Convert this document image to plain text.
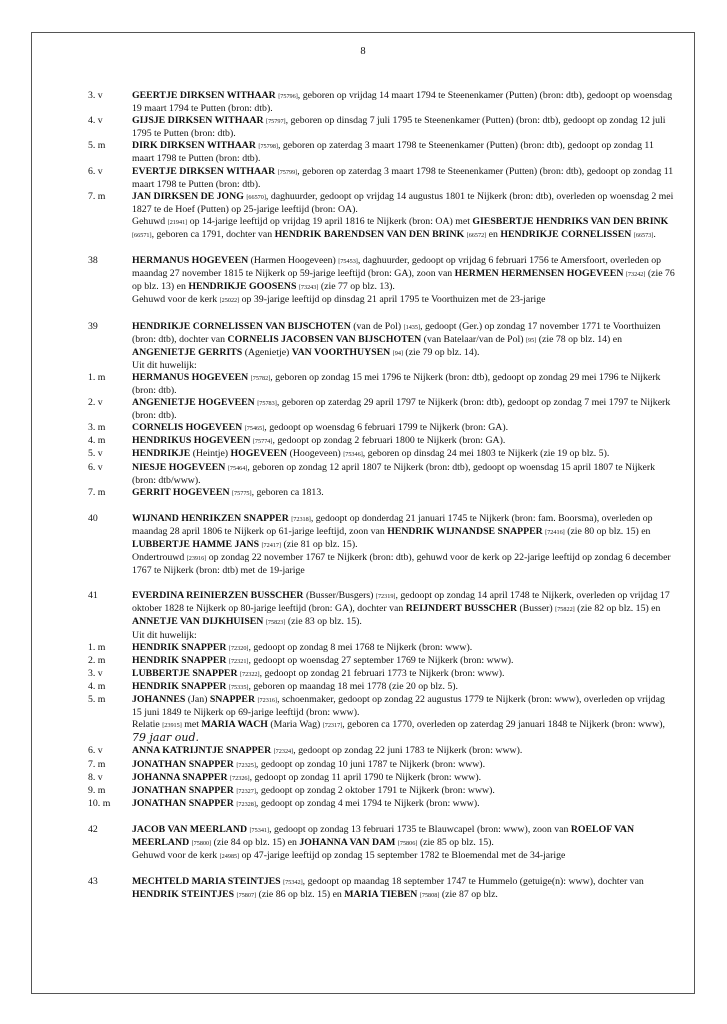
8
3. v	GEERTJE DIRKSEN WITHAAR [75796], geboren op vrijdag 14 maart 1794 te Steenenkamer (Putten) (bron: dtb), gedoopt op woensdag 19 maart 1794 te Putten (bron: dtb).
4. v	GIJSJE DIRKSEN WITHAAR [75797], geboren op dinsdag 7 juli 1795 te Steenenkamer (Putten) (bron: dtb), gedoopt op zondag 12 juli 1795 te Putten (bron: dtb).
5. m	DIRK DIRKSEN WITHAAR [75798], geboren op zaterdag 3 maart 1798 te Steenenkamer (Putten) (bron: dtb), gedoopt op zondag 11 maart 1798 te Putten (bron: dtb).
6. v	EVERTJE DIRKSEN WITHAAR [75799], geboren op zaterdag 3 maart 1798 te Steenenkamer (Putten) (bron: dtb), gedoopt op zondag 11 maart 1798 te Putten (bron: dtb).
7. m	JAN DIRKSEN DE JONG [66570], daghuurder, gedoopt op vrijdag 14 augustus 1801 te Nijkerk (bron: dtb), overleden op woensdag 2 mei 1827 te de Hoef (Putten) op 25-jarige leeftijd (bron: OA).
Gehuwd [21941] op 14-jarige leeftijd op vrijdag 19 april 1816 te Nijkerk (bron: OA) met GIESBERTJE HENDRIKS VAN DEN BRINK [66571], geboren ca 1791, dochter van HENDRIK BARENDSEN VAN DEN BRINK [66572] en HENDRIKJE CORNELISSEN [66573].
38	HERMANUS HOGEVEEN (Harmen Hoogeveen) [75453], daghuurder, gedoopt op vrijdag 6 februari 1756 te Amersfoort, overleden op maandag 27 november 1815 te Nijkerk op 59-jarige leeftijd (bron: GA), zoon van HERMEN HERMENSEN HOGEVEEN [73242] (zie 76 op blz. 13) en HENDRIKJE GOOSENS [73243] (zie 77 op blz. 13).
Gehuwd voor de kerk [25022] op 39-jarige leeftijd op dinsdag 21 april 1795 te Voorthuizen met de 23-jarige
39	HENDRIKJE CORNELISSEN VAN BIJSCHOTEN (van de Pol) [1435], gedoopt (Ger.) op zondag 17 november 1771 te Voorthuizen (bron: dtb), dochter van CORNELIS JACOBSEN VAN BIJSCHOTEN (van Batelaar/van de Pol) [95] (zie 78 op blz. 14) en ANGENIETJE GERRITS (Agenietje) VAN VOORTHUYSEN [94] (zie 79 op blz. 14).
Uit dit huwelijk:
1. m	HERMANUS HOGEVEEN [75782], geboren op zondag 15 mei 1796 te Nijkerk (bron: dtb), gedoopt op zondag 29 mei 1796 te Nijkerk (bron: dtb).
2. v	ANGENIETJE HOGEVEEN [75783], geboren op zaterdag 29 april 1797 te Nijkerk (bron: dtb), gedoopt op zondag 7 mei 1797 te Nijkerk (bron: dtb).
3. m	CORNELIS HOGEVEEN [75465], gedoopt op woensdag 6 februari 1799 te Nijkerk (bron: GA).
4. m	HENDRIKUS HOGEVEEN [75774], gedoopt op zondag 2 februari 1800 te Nijkerk (bron: GA).
5. v	HENDRIKJE (Heintje) HOGEVEEN (Hoogeveen) [75346], geboren op dinsdag 24 mei 1803 te Nijkerk (zie 19 op blz. 5).
6. v	NIESJE HOGEVEEN [75464], geboren op zondag 12 april 1807 te Nijkerk (bron: dtb), gedoopt op woensdag 15 april 1807 te Nijkerk (bron: dtb/www).
7. m	GERRIT HOGEVEEN [75775], geboren ca 1813.
40	WIJNAND HENRIKZEN SNAPPER [72318], gedoopt op donderdag 21 januari 1745 te Nijkerk (bron: fam. Boorsma), overleden op maandag 28 april 1806 te Nijkerk op 61-jarige leeftijd, zoon van HENDRIK WIJNANDSE SNAPPER [72416] (zie 80 op blz. 15) en LUBBERTJE HAMME JANS [72417] (zie 81 op blz. 15).
Ondertrouwd [23916] op zondag 22 november 1767 te Nijkerk (bron: dtb), gehuwd voor de kerk op 22-jarige leeftijd op zondag 6 december 1767 te Nijkerk (bron: dtb) met de 19-jarige
41	EVERDINA REINIERZEN BUSSCHER (Busser/Busgers) [72319], gedoopt op zondag 14 april 1748 te Nijkerk, overleden op vrijdag 17 oktober 1828 te Nijkerk op 80-jarige leeftijd (bron: GA), dochter van REIJNDERT BUSSCHER (Busser) [75822] (zie 82 op blz. 15) en ANNETJE VAN DIJKHUISEN [75823] (zie 83 op blz. 15).
Uit dit huwelijk:
1. m	HENDRIK SNAPPER [72320], gedoopt op zondag 8 mei 1768 te Nijkerk (bron: www).
2. m	HENDRIK SNAPPER [72321], gedoopt op woensdag 27 september 1769 te Nijkerk (bron: www).
3. v	LUBBERTJE SNAPPER [72322], gedoopt op zondag 21 februari 1773 te Nijkerk (bron: www).
4. m	HENDRIK SNAPPER [75335], geboren op maandag 18 mei 1778 (zie 20 op blz. 5).
5. m	JOHANNES (Jan) SNAPPER [72316], schoenmaker, gedoopt op zondag 22 augustus 1779 te Nijkerk (bron: www), overleden op vrijdag 15 juni 1849 te Nijkerk op 69-jarige leeftijd (bron: www).
Relatie [23915] met MARIA WACH (Maria Wag) [72317], geboren ca 1770, overleden op zaterdag 29 januari 1848 te Nijkerk (bron: www), 79 jaar oud.
6. v	ANNA KATRIJNTJE SNAPPER [72324], gedoopt op zondag 22 juni 1783 te Nijkerk (bron: www).
7. m	JONATHAN SNAPPER [72325], gedoopt op zondag 10 juni 1787 te Nijkerk (bron: www).
8. v	JOHANNA SNAPPER [72326], gedoopt op zondag 11 april 1790 te Nijkerk (bron: www).
9. m	JONATHAN SNAPPER [72327], gedoopt op zondag 2 oktober 1791 te Nijkerk (bron: www).
10. m	JONATHAN SNAPPER [72328], gedoopt op zondag 4 mei 1794 te Nijkerk (bron: www).
42	JACOB VAN MEERLAND [75341], gedoopt op zondag 13 februari 1735 te Blauwcapel (bron: www), zoon van ROELOF VAN MEERLAND [75800] (zie 84 op blz. 15) en JOHANNA VAN DAM [75806] (zie 85 op blz. 15).
Gehuwd voor de kerk [24985] op 47-jarige leeftijd op zondag 15 september 1782 te Bloemendal met de 34-jarige
43	MECHTELD MARIA STEINTJES [75342], gedoopt op maandag 18 september 1747 te Hummelo (getuige(n): www), dochter van HENDRIK STEINTJES [75807] (zie 86 op blz. 15) en MARIA TIEBEN [75808] (zie 87 op blz.
